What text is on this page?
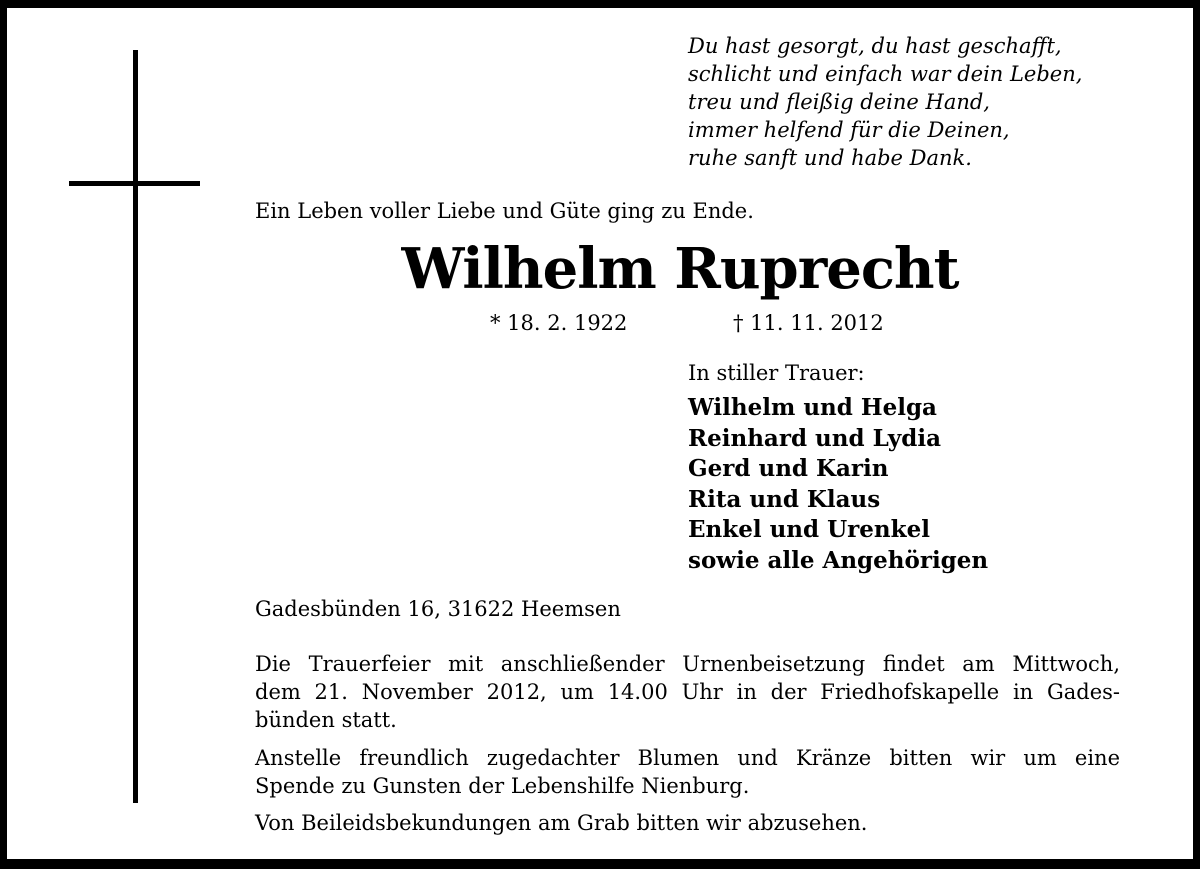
Du hast gesorgt, du hast geschafft,
schlicht und einfach war dein Leben,
treu und fleißig deine Hand,
immer helfend für die Deinen,
ruhe sanft und habe Dank.
Ein Leben voller Liebe und Güte ging zu Ende.
Wilhelm Ruprecht
* 18. 2. 1922	† 11. 11. 2012
In stiller Trauer:
Wilhelm und Helga
Reinhard und Lydia
Gerd und Karin
Rita und Klaus
Enkel und Urenkel
sowie alle Angehörigen
Gadesbünden 16, 31622 Heemsen
Die Trauerfeier mit anschließender Urnenbeisetzung findet am Mittwoch,
dem 21. November 2012, um 14.00 Uhr in der Friedhofskapelle in Gades-
bünden statt.
Anstelle freundlich zugedachter Blumen und Kränze bitten wir um eine
Spende zu Gunsten der Lebenshilfe Nienburg.
Von Beileidsbekundungen am Grab bitten wir abzusehen.
